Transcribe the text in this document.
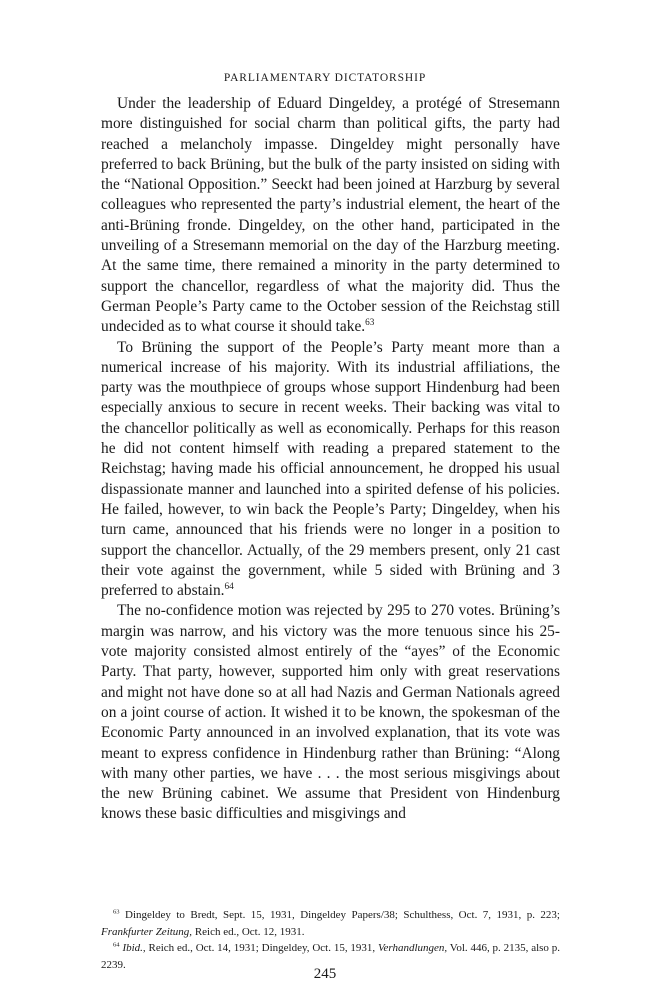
PARLIAMENTARY DICTATORSHIP

Under the leadership of Eduard Dingeldey, a protégé of Stresemann more distinguished for social charm than political gifts, the party had reached a melancholy impasse. Dingeldey might personally have preferred to back Brüning, but the bulk of the party insisted on siding with the “National Opposition.” Seeckt had been joined at Harzburg by several colleagues who represented the party’s industrial element, the heart of the anti-Brüning fronde. Dingeldey, on the other hand, participated in the unveiling of a Stresemann memorial on the day of the Harzburg meeting. At the same time, there remained a minority in the party determined to support the chancellor, regardless of what the majority did. Thus the German People’s Party came to the October session of the Reichstag still undecided as to what course it should take.$^{63}$

To Brüning the support of the People’s Party meant more than a numerical increase of his majority. With its industrial affiliations, the party was the mouthpiece of groups whose support Hindenburg had been especially anxious to secure in recent weeks. Their backing was vital to the chancellor politically as well as economically. Perhaps for this reason he did not content himself with reading a prepared statement to the Reichstag; having made his official announcement, he dropped his usual dispassionate manner and launched into a spirited defense of his policies. He failed, however, to win back the People’s Party; Dingeldey, when his turn came, announced that his friends were no longer in a position to support the chancellor. Actually, of the 29 members present, only 21 cast their vote against the government, while 5 sided with Brüning and 3 preferred to abstain.$^{64}$

The no-confidence motion was rejected by 295 to 270 votes. Brüning’s margin was narrow, and his victory was the more tenuous since his 25-vote majority consisted almost entirely of the “ayes” of the Economic Party. That party, however, supported him only with great reservations and might not have done so at all had Nazis and German Nationals agreed on a joint course of action. It wished it to be known, the spokesman of the Economic Party announced in an involved explanation, that its vote was meant to express confidence in Hindenburg rather than Brüning: “Along with many other parties, we have . . . the most serious misgivings about the new Brüning cabinet. We assume that President von Hindenburg knows these basic difficulties and misgivings and

$^{63}$ Dingeldey to Bredt, Sept. 15, 1931, Dingeldey Papers/38; Schulthess, Oct. 7, 1931, p. 223; Frankfurter Zeitung, Reich ed., Oct. 12, 1931.

$^{64}$ Ibid., Reich ed., Oct. 14, 1931; Dingeldey, Oct. 15, 1931, Verhandlungen, Vol. 446, p. 2135, also p. 2239.

245
